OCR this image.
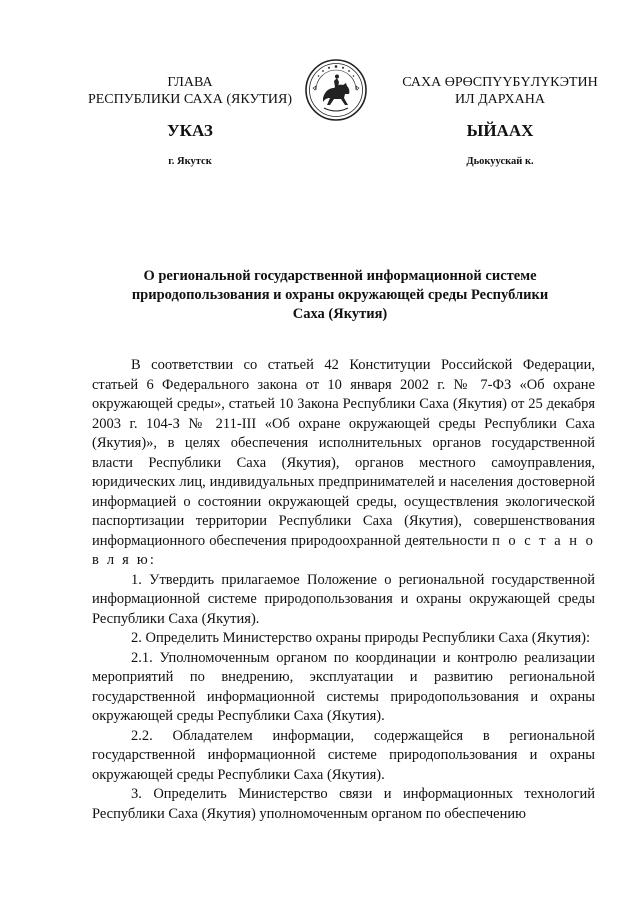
ГЛАВА
РЕСПУБЛИКИ САХА (ЯКУТИЯ)
САХА ӨРӨСПҮҮБҮЛҮКЭТИН
ИЛ ДАРХАНА
УКАЗ	ЫЙААХ
г. Якутск	Дьокуускай к.
О региональной государственной информационной системе
природопользования и охраны окружающей среды Республики
Саха (Якутия)

В соответствии со статьей 42 Конституции Российской Федерации, статьей 6 Федерального закона от 10 января 2002 г. № 7-ФЗ «Об охране окружающей среды», статьей 10 Закона Республики Саха (Якутия) от 25 декабря 2003 г. 104-З № 211-III «Об охране окружающей среды Республики Саха (Якутия)», в целях обеспечения исполнительных органов государственной власти Республики Саха (Якутия), органов местного самоуправления, юридических лиц, индивидуальных предпринимателей и населения достоверной информацией о состоянии окружающей среды, осуществления экологической паспортизации территории Республики Саха (Якутия), совершенствования информационного обеспечения природоохранной деятельности п о с т а н о в л я ю:

1. Утвердить прилагаемое Положение о региональной государственной информационной системе природопользования и охраны окружающей среды Республики Саха (Якутия).

2. Определить Министерство охраны природы Республики Саха (Якутия):

2.1. Уполномоченным органом по координации и контролю реализации мероприятий по внедрению, эксплуатации и развитию региональной государственной информационной системы природопользования и охраны окружающей среды Республики Саха (Якутия).

2.2. Обладателем информации, содержащейся в региональной государственной информационной системе природопользования и охраны окружающей среды Республики Саха (Якутия).

3. Определить Министерство связи и информационных технологий Республики Саха (Якутия) уполномоченным органом по обеспечению
